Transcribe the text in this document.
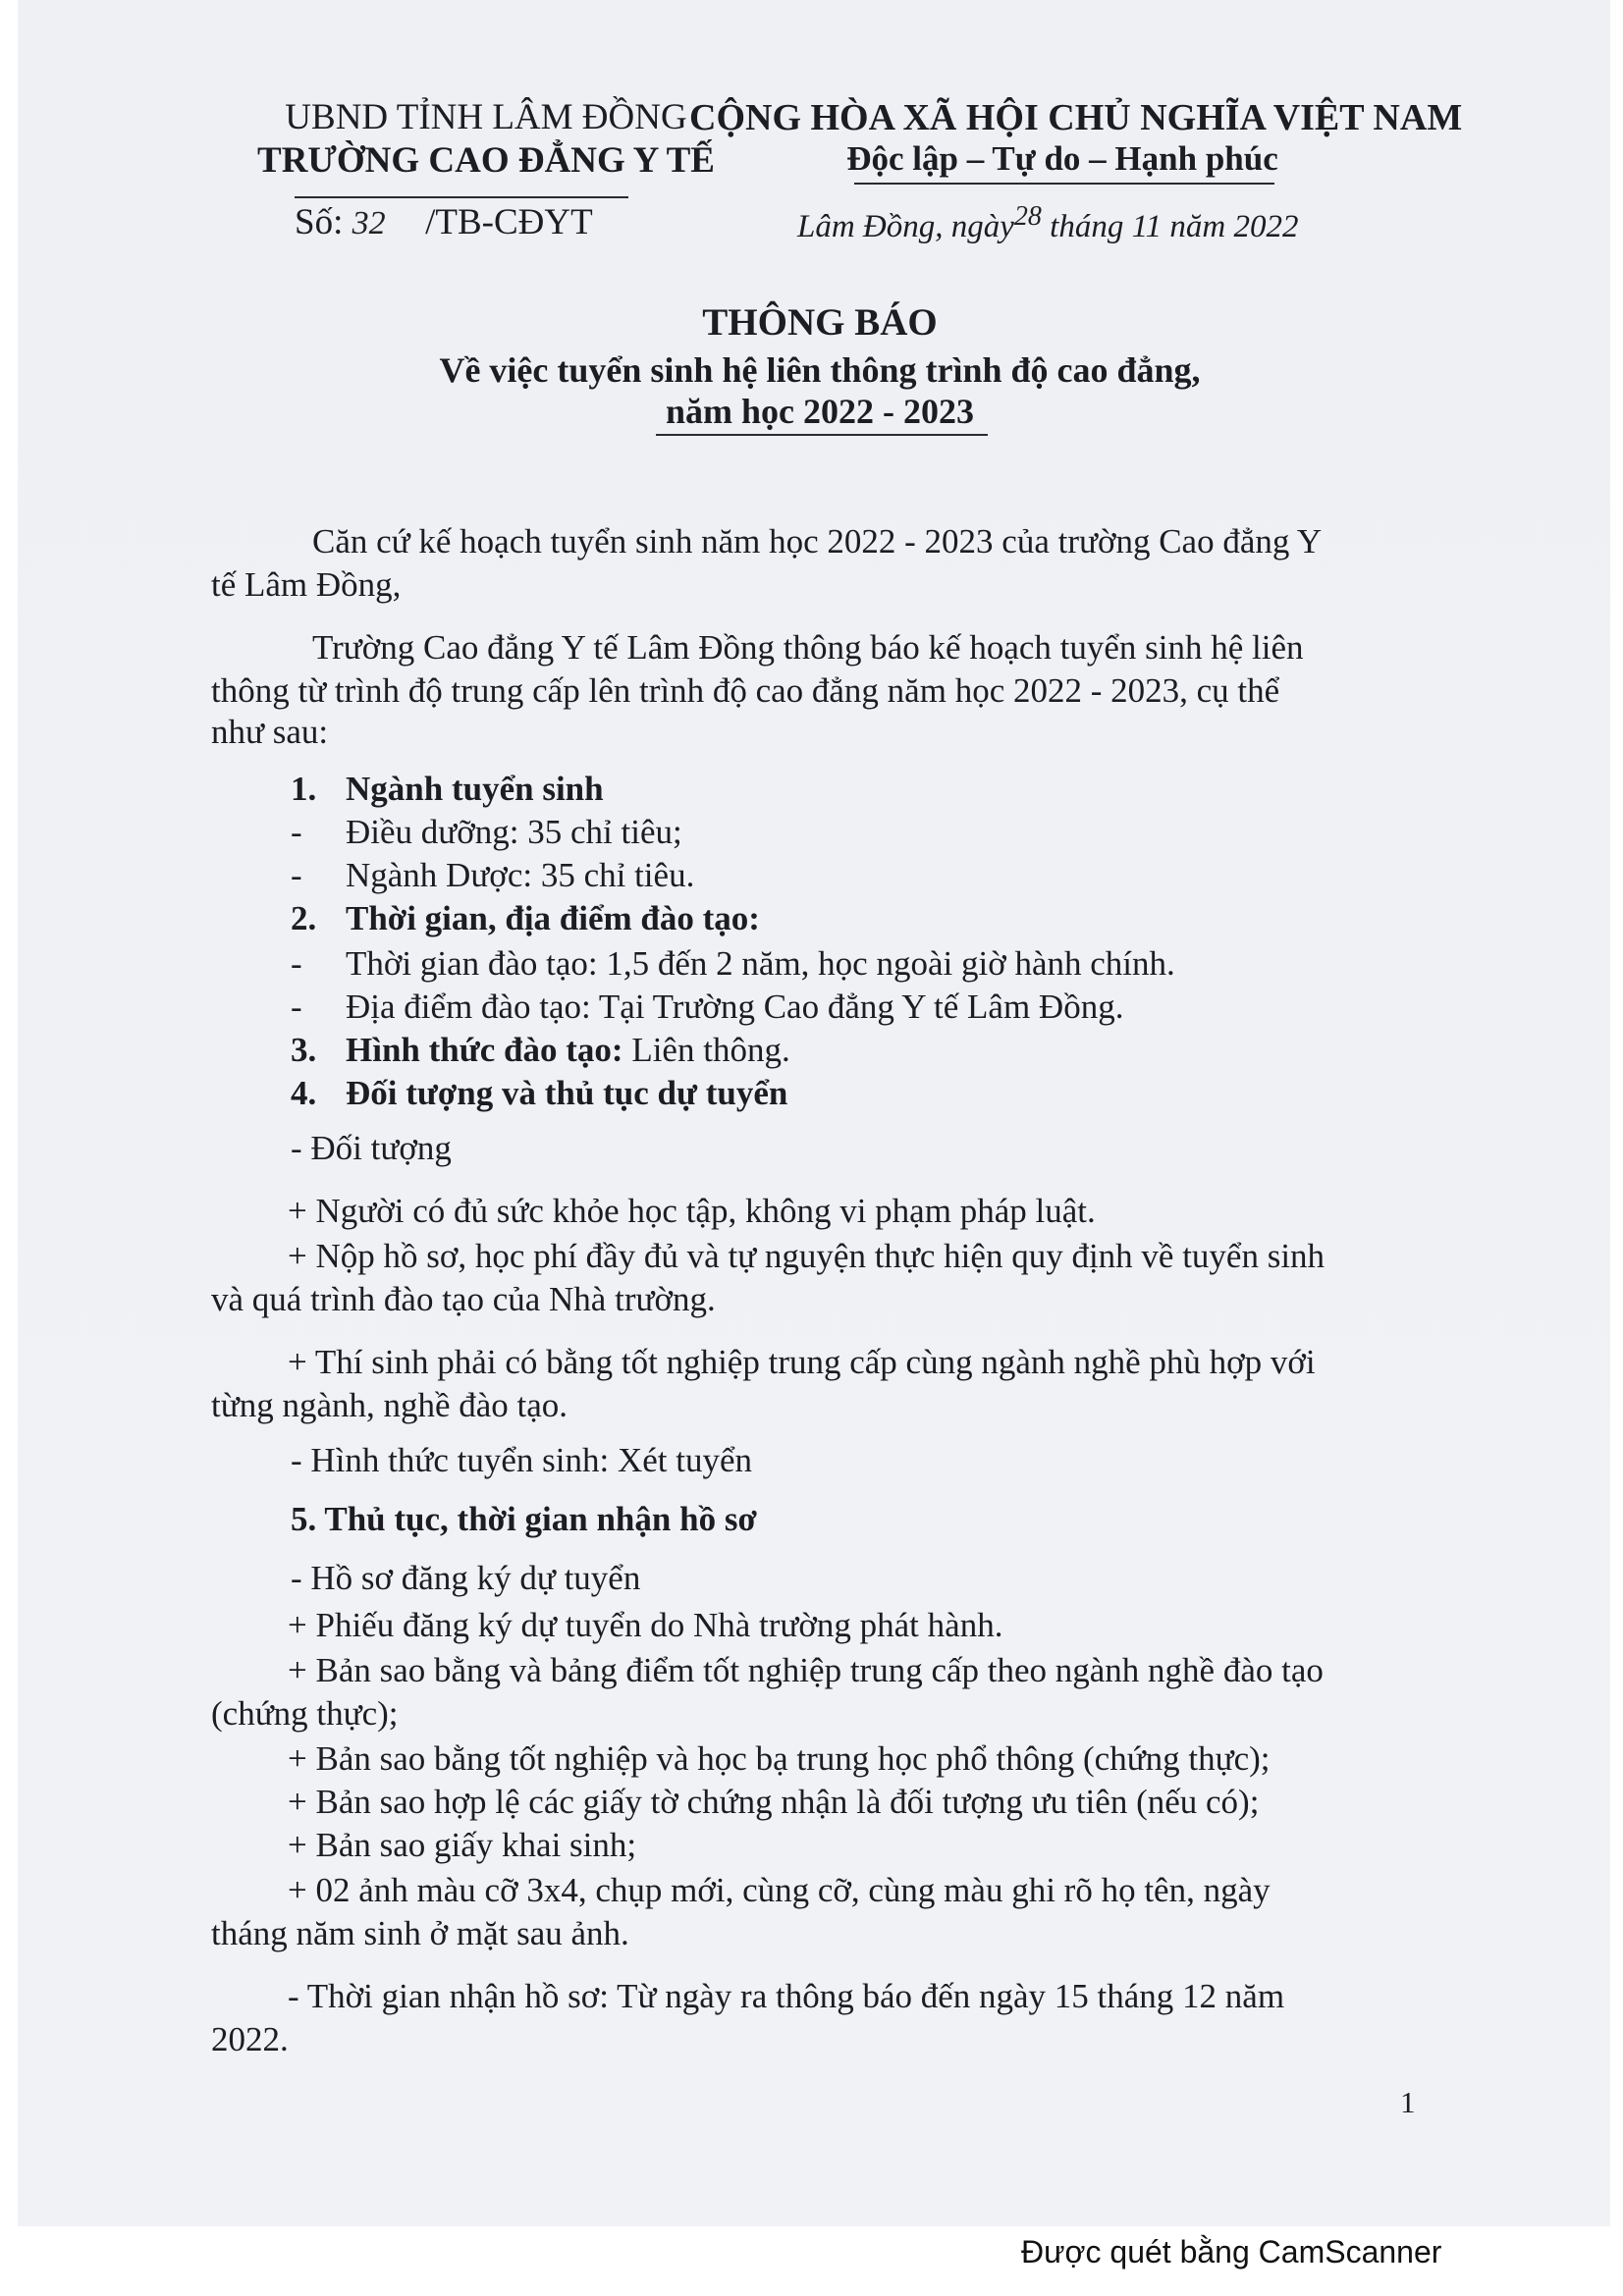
UBND TỈNH LÂM ĐỒNG
TRƯỜNG CAO ĐẲNG Y TẾ
Số: 32 /TB-CĐYT
CỘNG HÒA XÃ HỘI CHỦ NGHĨA VIỆT NAM
Độc lập – Tự do – Hạnh phúc
Lâm Đồng, ngày$^{28}$ tháng 11 năm 2022
THÔNG BÁO
Về việc tuyển sinh hệ liên thông trình độ cao đẳng,
năm học 2022 - 2023
Căn cứ kế hoạch tuyển sinh năm học 2022 - 2023 của trường Cao đẳng Y
tế Lâm Đồng,
Trường Cao đẳng Y tế Lâm Đồng thông báo kế hoạch tuyển sinh hệ liên
thông từ trình độ trung cấp lên trình độ cao đẳng năm học 2022 - 2023, cụ thể
như sau:
1. Ngành tuyển sinh
- Điều dưỡng: 35 chỉ tiêu;
- Ngành Dược: 35 chỉ tiêu.
2. Thời gian, địa điểm đào tạo:
- Thời gian đào tạo: 1,5 đến 2 năm, học ngoài giờ hành chính.
- Địa điểm đào tạo: Tại Trường Cao đẳng Y tế Lâm Đồng.
3. Hình thức đào tạo: Liên thông.
4. Đối tượng và thủ tục dự tuyển
- Đối tượng
+ Người có đủ sức khỏe học tập, không vi phạm pháp luật.
+ Nộp hồ sơ, học phí đầy đủ và tự nguyện thực hiện quy định về tuyển sinh
và quá trình đào tạo của Nhà trường.
+ Thí sinh phải có bằng tốt nghiệp trung cấp cùng ngành nghề phù hợp với
từng ngành, nghề đào tạo.
- Hình thức tuyển sinh: Xét tuyển
5. Thủ tục, thời gian nhận hồ sơ
- Hồ sơ đăng ký dự tuyển
+ Phiếu đăng ký dự tuyển do Nhà trường phát hành.
+ Bản sao bằng và bảng điểm tốt nghiệp trung cấp theo ngành nghề đào tạo
(chứng thực);
+ Bản sao bằng tốt nghiệp và học bạ trung học phổ thông (chứng thực);
+ Bản sao hợp lệ các giấy tờ chứng nhận là đối tượng ưu tiên (nếu có);
+ Bản sao giấy khai sinh;
+ 02 ảnh màu cỡ 3x4, chụp mới, cùng cỡ, cùng màu ghi rõ họ tên, ngày
tháng năm sinh ở mặt sau ảnh.
- Thời gian nhận hồ sơ: Từ ngày ra thông báo đến ngày 15 tháng 12 năm
2022.
1
Được quét bằng CamScanner
